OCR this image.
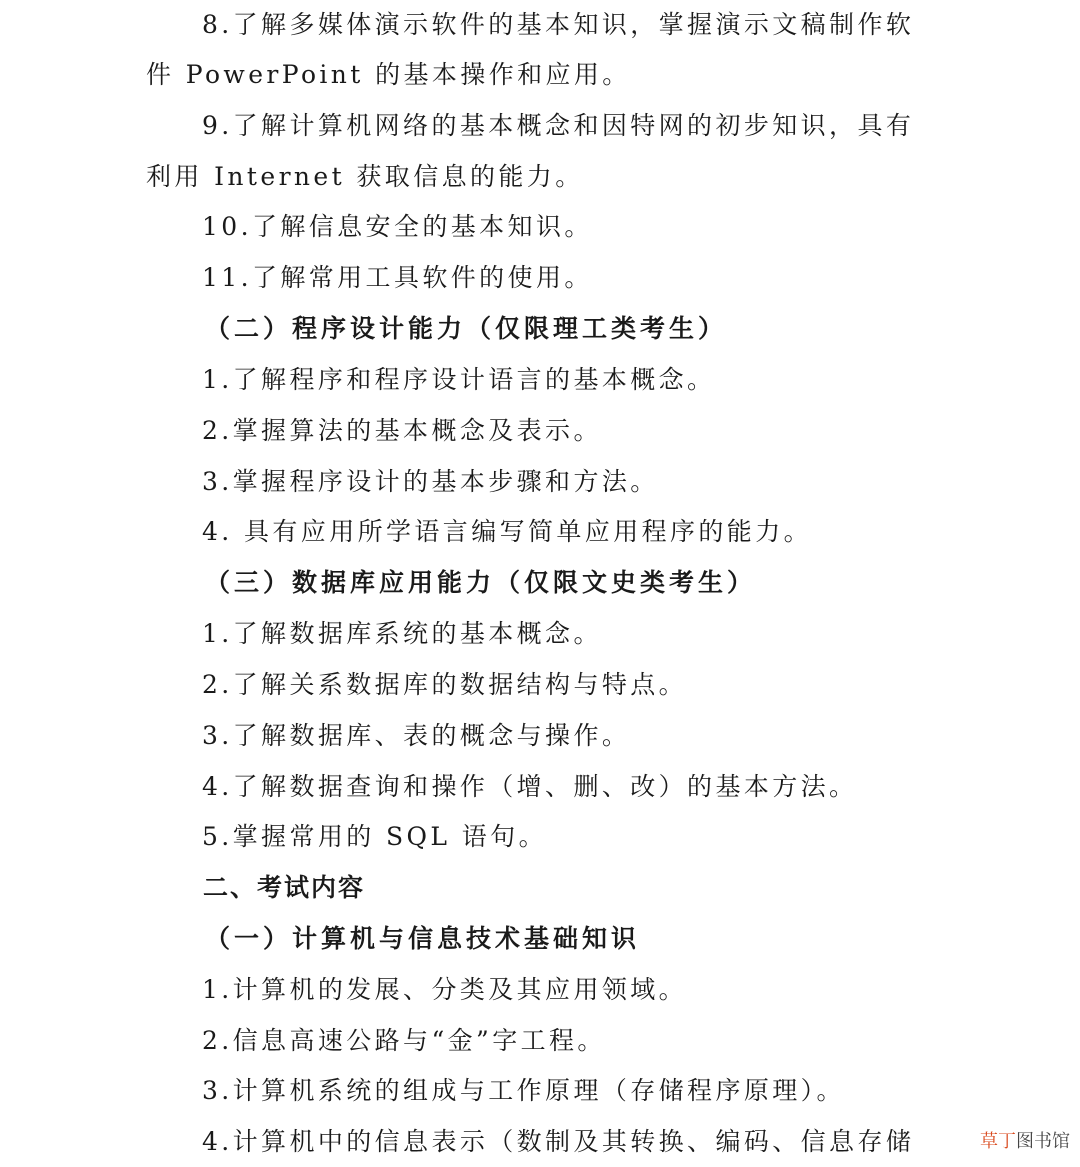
8.了解多媒体演示软件的基本知识，掌握演示文稿制作软
件 PowerPoint 的基本操作和应用。
9.了解计算机网络的基本概念和因特网的初步知识，具有
利用 Internet 获取信息的能力。
10.了解信息安全的基本知识。
11.了解常用工具软件的使用。
（二）程序设计能力（仅限理工类考生）
1.了解程序和程序设计语言的基本概念。
2.掌握算法的基本概念及表示。
3.掌握程序设计的基本步骤和方法。
4. 具有应用所学语言编写简单应用程序的能力。
（三）数据库应用能力（仅限文史类考生）
1.了解数据库系统的基本概念。
2.了解关系数据库的数据结构与特点。
3.了解数据库、表的概念与操作。
4.了解数据查询和操作（增、删、改）的基本方法。
5.掌握常用的 SQL 语句。
二、考试内容
（一）计算机与信息技术基础知识
1.计算机的发展、分类及其应用领域。
2.信息高速公路与“金”字工程。
3.计算机系统的组成与工作原理（存储程序原理）。
4.计算机中的信息表示（数制及其转换、编码、信息存储	草丁图书馆
